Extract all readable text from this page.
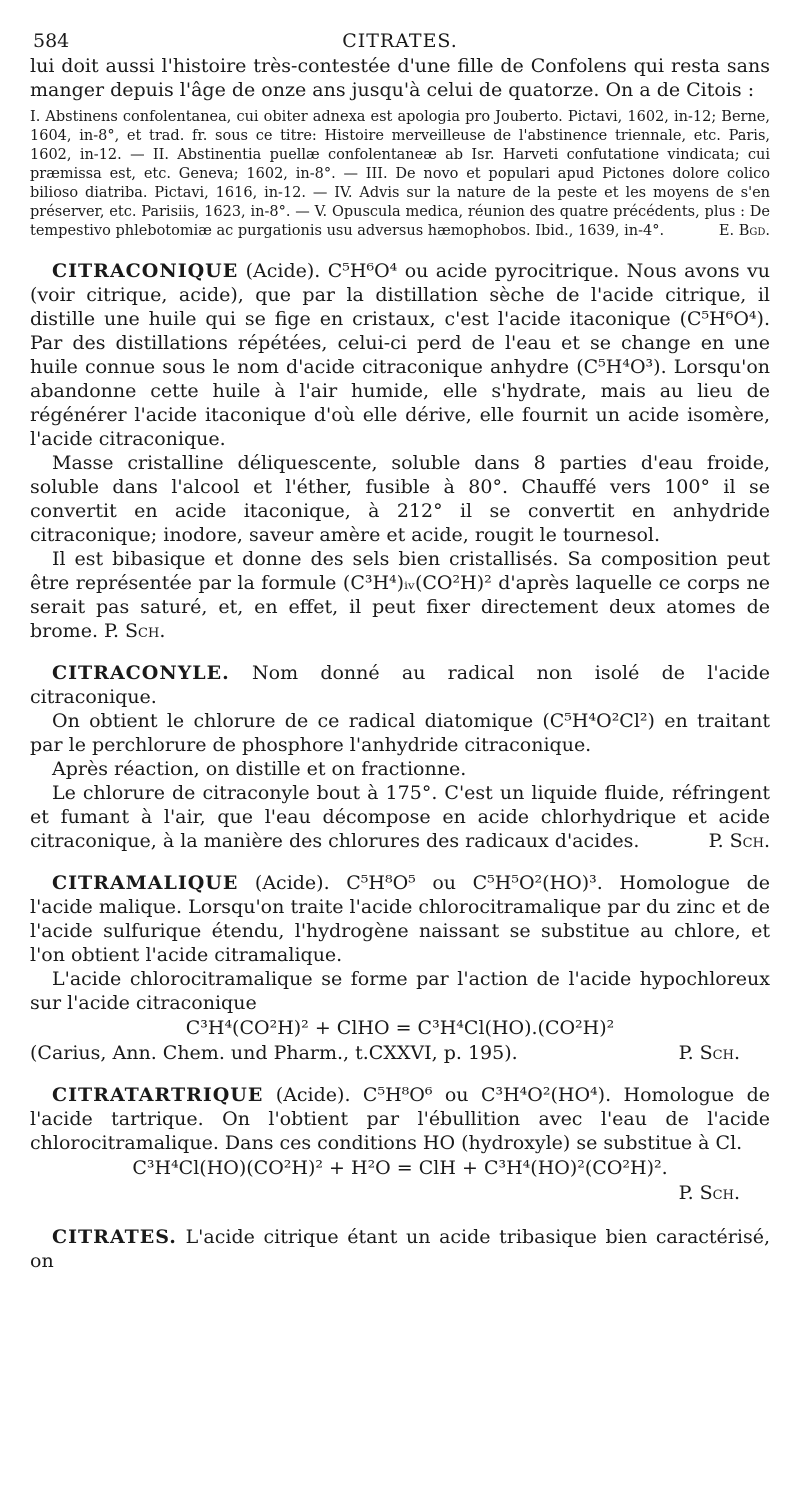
584	CITRATES.

lui doit aussi l'histoire très-contestée d'une fille de Confolens qui resta sans manger depuis l'âge de onze ans jusqu'à celui de quatorze. On a de Citois :

I. Abstinens confolentanea, cui obiter adnexa est apologia pro Jouberto. Pictavi, 1602, in-12; Berne, 1604, in-8°, et trad. fr. sous ce titre: Histoire merveilleuse de l'abstinence triennale, etc. Paris, 1602, in-12. — II. Abstinentia puellæ confolentaneæ ab Isr. Harveti confutatione vindicata; cui præmissa est, etc. Geneva; 1602, in-8°. — III. De novo et populari apud Pictones dolore colico bilioso diatriba. Pictavi, 1616, in-12. — IV. Advis sur la nature de la peste et les moyens de s'en préserver, etc. Parisiis, 1623, in-8°. — V. Opuscula medica, réunion des quatre précédents, plus : De tempestivo phlebotomiæ ac purgationis usu adversus hæmophobos. Ibid., 1639, in-4°.	E. Bgd.

CITRACONIQUE (Acide). C⁵H⁶O⁴ ou acide pyrocitrique. Nous avons vu (voir citrique, acide), que par la distillation sèche de l'acide citrique, il distille une huile qui se fige en cristaux, c'est l'acide itaconique (C⁵H⁶O⁴). Par des distillations répétées, celui-ci perd de l'eau et se change en une huile connue sous le nom d'acide citraconique anhydre (C⁵H⁴O³). Lorsqu'on abandonne cette huile à l'air humide, elle s'hydrate, mais au lieu de régénérer l'acide itaconique d'où elle dérive, elle fournit un acide isomère, l'acide citraconique.

Masse cristalline déliquescente, soluble dans 8 parties d'eau froide, soluble dans l'alcool et l'éther, fusible à 80°. Chauffé vers 100° il se convertit en acide itaconique, à 212° il se convertit en anhydride citraconique; inodore, saveur amère et acide, rougit le tournesol.

Il est bibasique et donne des sels bien cristallisés. Sa composition peut être représentée par la formule (C³H⁴)ᵢᵥ(CO²H)² d'après laquelle ce corps ne serait pas saturé, et, en effet, il peut fixer directement deux atomes de brome. P. Sch.

CITRACONYLE. Nom donné au radical non isolé de l'acide citraconique.

On obtient le chlorure de ce radical diatomique (C⁵H⁴O²Cl²) en traitant par le perchlorure de phosphore l'anhydride citraconique.

Après réaction, on distille et on fractionne.

Le chlorure de citraconyle bout à 175°. C'est un liquide fluide, réfringent et fumant à l'air, que l'eau décompose en acide chlorhydrique et acide citraconique, à la manière des chlorures des radicaux d'acides.	P. Sch.

CITRAMALIQUE (Acide). C⁵H⁸O⁵ ou C⁵H⁵O²(HO)³. Homologue de l'acide malique. Lorsqu'on traite l'acide chlorocitramalique par du zinc et de l'acide sulfurique étendu, l'hydrogène naissant se substitue au chlore, et l'on obtient l'acide citramalique.

L'acide chlorocitramalique se forme par l'action de l'acide hypochloreux sur l'acide citraconique

C³H⁴(CO²H)² + ClHO = C³H⁴Cl(HO).(CO²H)²

(Carius, Ann. Chem. und Pharm., t.CXXVI, p. 195).	P. Sch.

CITRATARTRIQUE (Acide). C⁵H⁸O⁶ ou C³H⁴O²(HO⁴). Homologue de l'acide tartrique. On l'obtient par l'ébullition avec l'eau de l'acide chlorocitramalique. Dans ces conditions HO (hydroxyle) se substitue à Cl.

C³H⁴Cl(HO)(CO²H)² + H²O = ClH + C³H⁴(HO)²(CO²H)².
P. Sch.

CITRATES. L'acide citrique étant un acide tribasique bien caractérisé, on
